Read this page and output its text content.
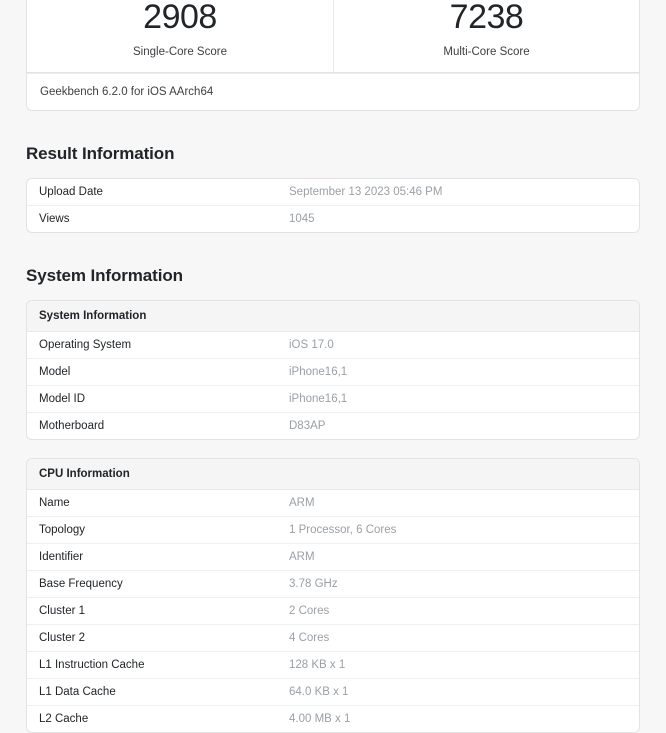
2908
Single-Core Score
7238
Multi-Core Score
Geekbench 6.2.0 for iOS AArch64
Result Information
Upload Date	September 13 2023 05:46 PM
Views	1045
System Information
System Information
Operating System	iOS 17.0
Model	iPhone16,1
Model ID	iPhone16,1
Motherboard	D83AP
CPU Information
Name	ARM
Topology	1 Processor, 6 Cores
Identifier	ARM
Base Frequency	3.78 GHz
Cluster 1	2 Cores
Cluster 2	4 Cores
L1 Instruction Cache	128 KB x 1
L1 Data Cache	64.0 KB x 1
L2 Cache	4.00 MB x 1
